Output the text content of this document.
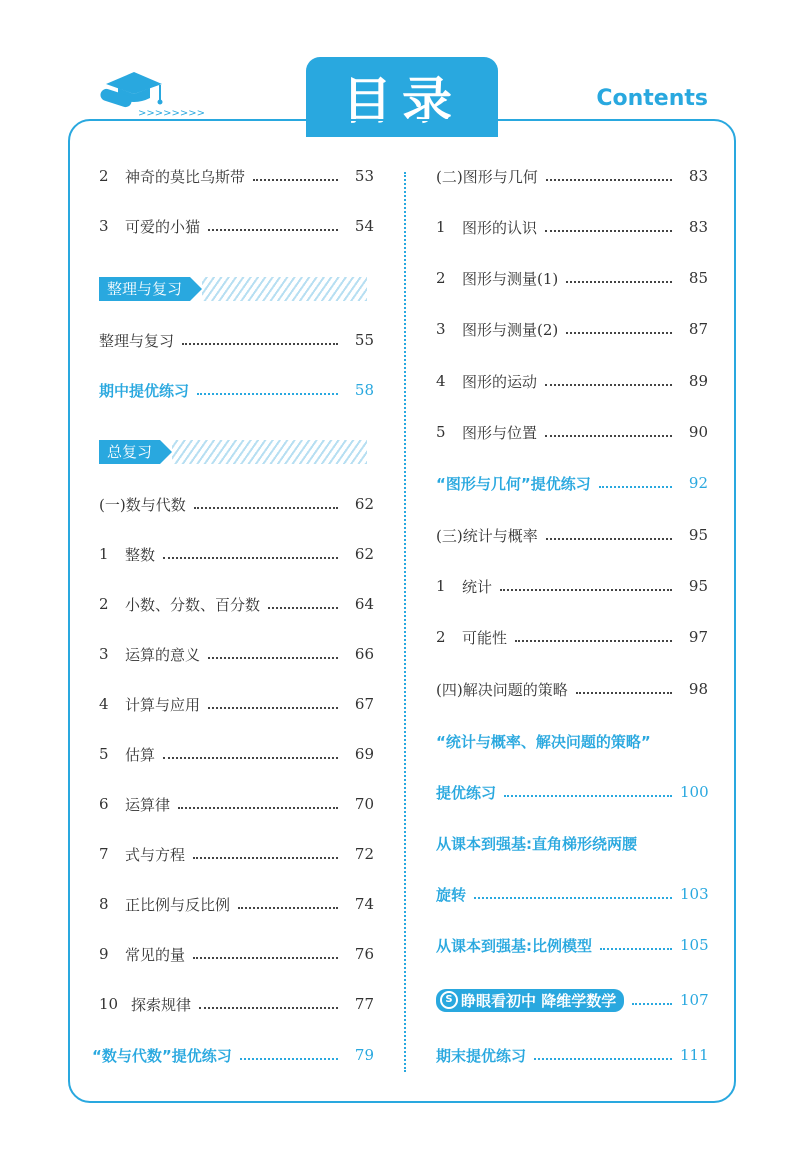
>>>>>>>>	目录	Contents
2	神奇的莫比乌斯带	53
3	可爱的小猫	54
整理与复习
整理与复习	55
期中提优练习	58
总复习
(一)数与代数	62
1	整数	62
2	小数、分数、百分数	64
3	运算的意义	66
4	计算与应用	67
5	估算	69
6	运算律	70
7	式与方程	72
8	正比例与反比例	74
9	常见的量	76
10 探索规律	77
“数与代数”提优练习	79
(二)图形与几何	83
1	图形的认识	83
2	图形与测量(1)	85
3	图形与测量(2)	87
4	图形的运动	89
5	图形与位置	90
“图形与几何”提优练习	92
(三)统计与概率	95
1	统计	95
2	可能性	97
(四)解决问题的策略	98
“统计与概率、解决问题的策略”
提优练习	100
从课本到强基:直角梯形绕两腰
旋转	103
从课本到强基:比例模型	105
S 睁眼看初中 降维学数学	107
期末提优练习	111
